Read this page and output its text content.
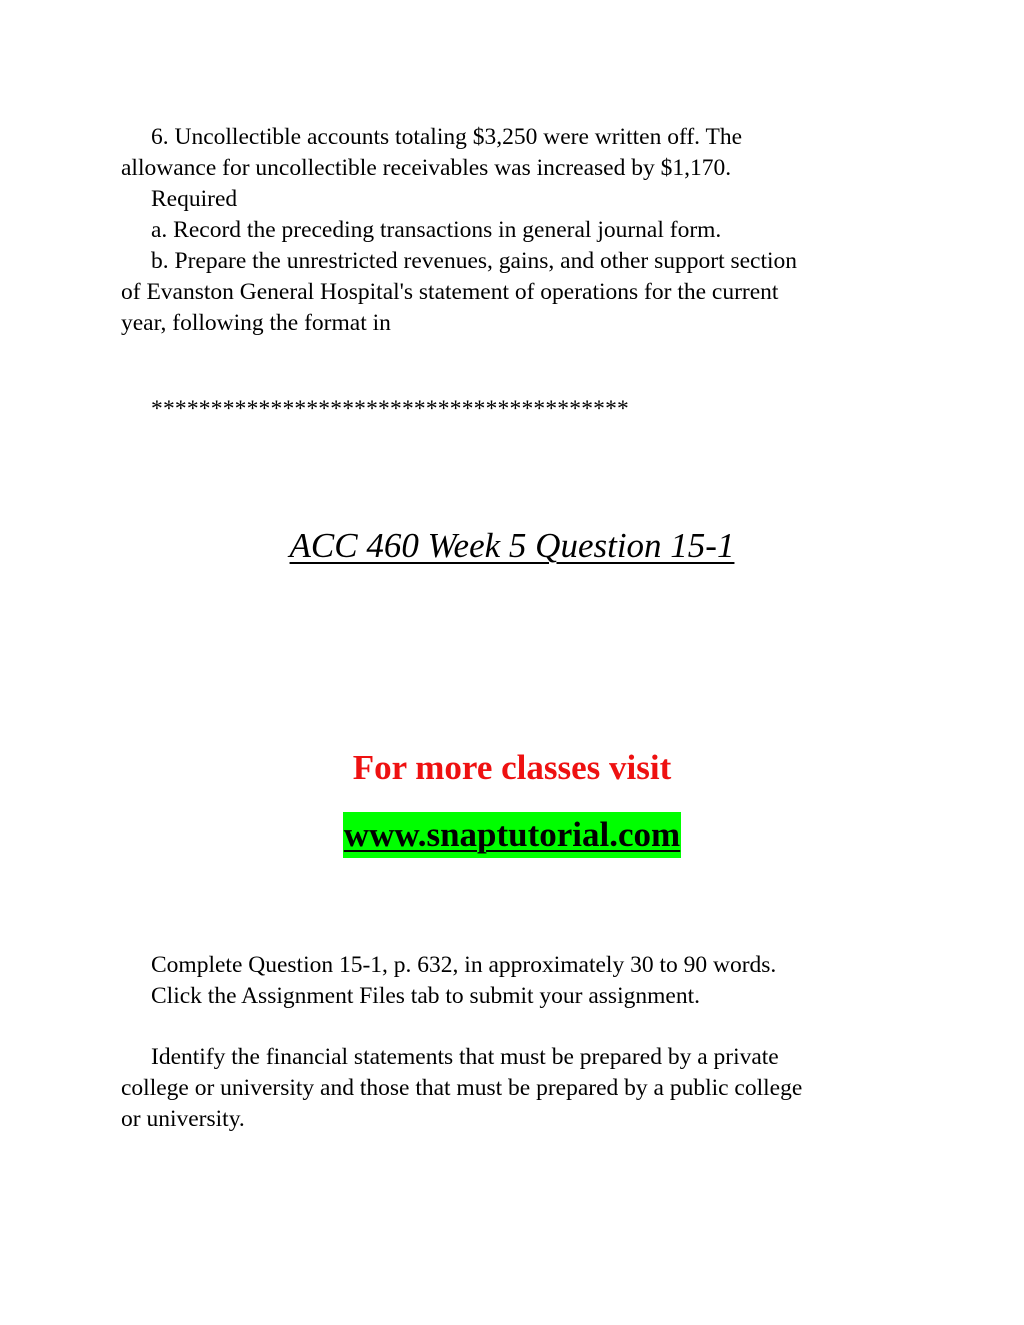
6. Uncollectible accounts totaling $3,250 were written off. The
allowance for uncollectible receivables was increased by $1,170.
Required
a. Record the preceding transactions in general journal form.
b. Prepare the unrestricted revenues, gains, and other support section
of Evanston General Hospital's statement of operations for the current
year, following the format in

****************************************
ACC 460 Week 5 Question 15-1
For more classes visit
www.snaptutorial.com

Complete Question 15-1, p. 632, in approximately 30 to 90 words.
Click the Assignment Files tab to submit your assignment.

Identify the financial statements that must be prepared by a private
college or university and those that must be prepared by a public college
or university.
